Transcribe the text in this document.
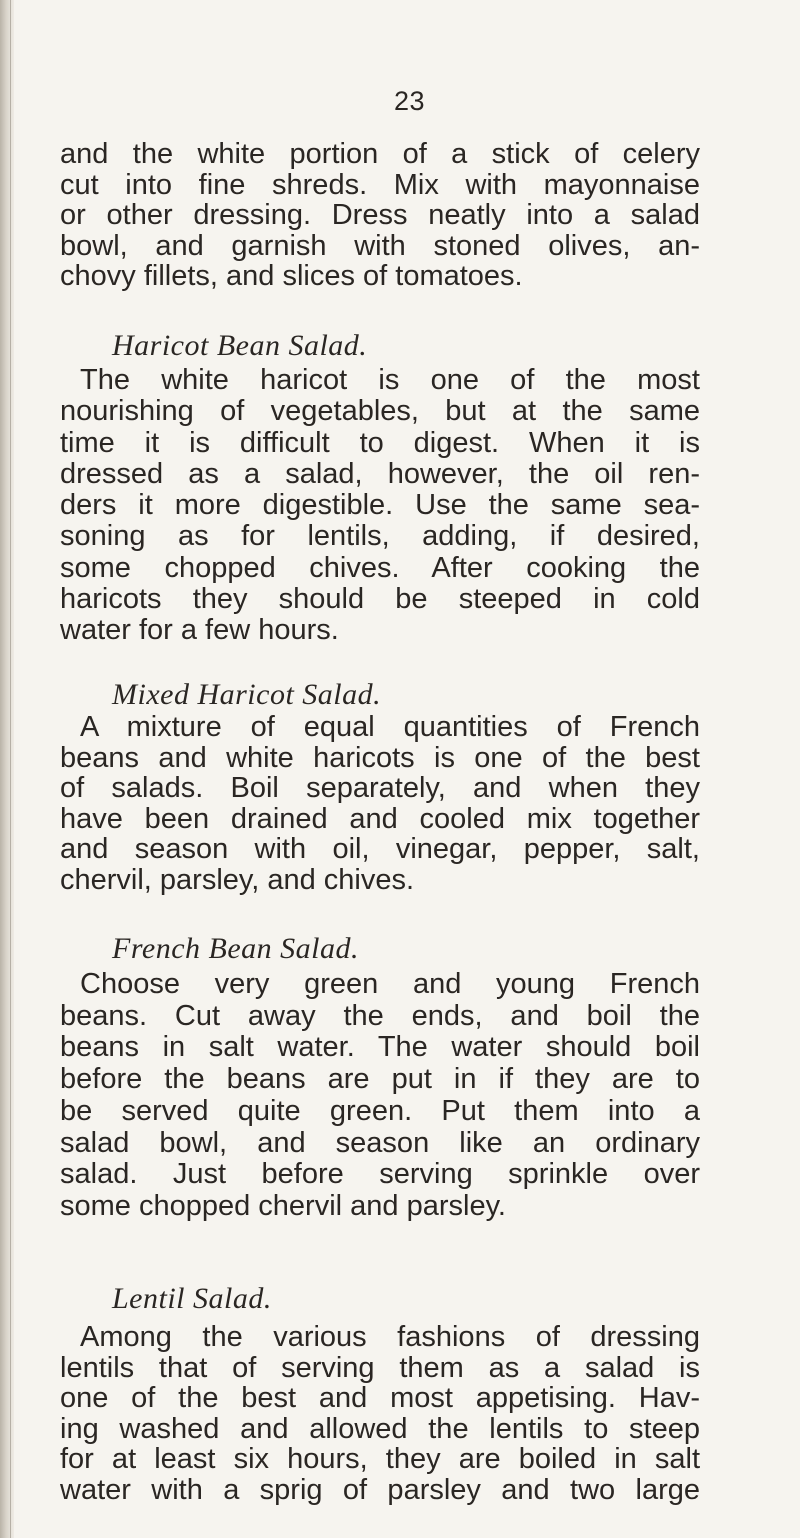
23
and the white portion of a stick of celery
cut into fine shreds. Mix with mayonnaise
or other dressing. Dress neatly into a salad
bowl, and garnish with stoned olives, an-
chovy fillets, and slices of tomatoes.
Haricot Bean Salad.
The white haricot is one of the most
nourishing of vegetables, but at the same
time it is difficult to digest. When it is
dressed as a salad, however, the oil ren-
ders it more digestible. Use the same sea-
soning as for lentils, adding, if desired,
some chopped chives. After cooking the
haricots they should be steeped in cold
water for a few hours.
Mixed Haricot Salad.
A mixture of equal quantities of French
beans and white haricots is one of the best
of salads. Boil separately, and when they
have been drained and cooled mix together
and season with oil, vinegar, pepper, salt,
chervil, parsley, and chives.
French Bean Salad.
Choose very green and young French
beans. Cut away the ends, and boil the
beans in salt water. The water should boil
before the beans are put in if they are to
be served quite green. Put them into a
salad bowl, and season like an ordinary
salad. Just before serving sprinkle over
some chopped chervil and parsley.
Lentil Salad.
Among the various fashions of dressing
lentils that of serving them as a salad is
one of the best and most appetising. Hav-
ing washed and allowed the lentils to steep
for at least six hours, they are boiled in salt
water with a sprig of parsley and two large
